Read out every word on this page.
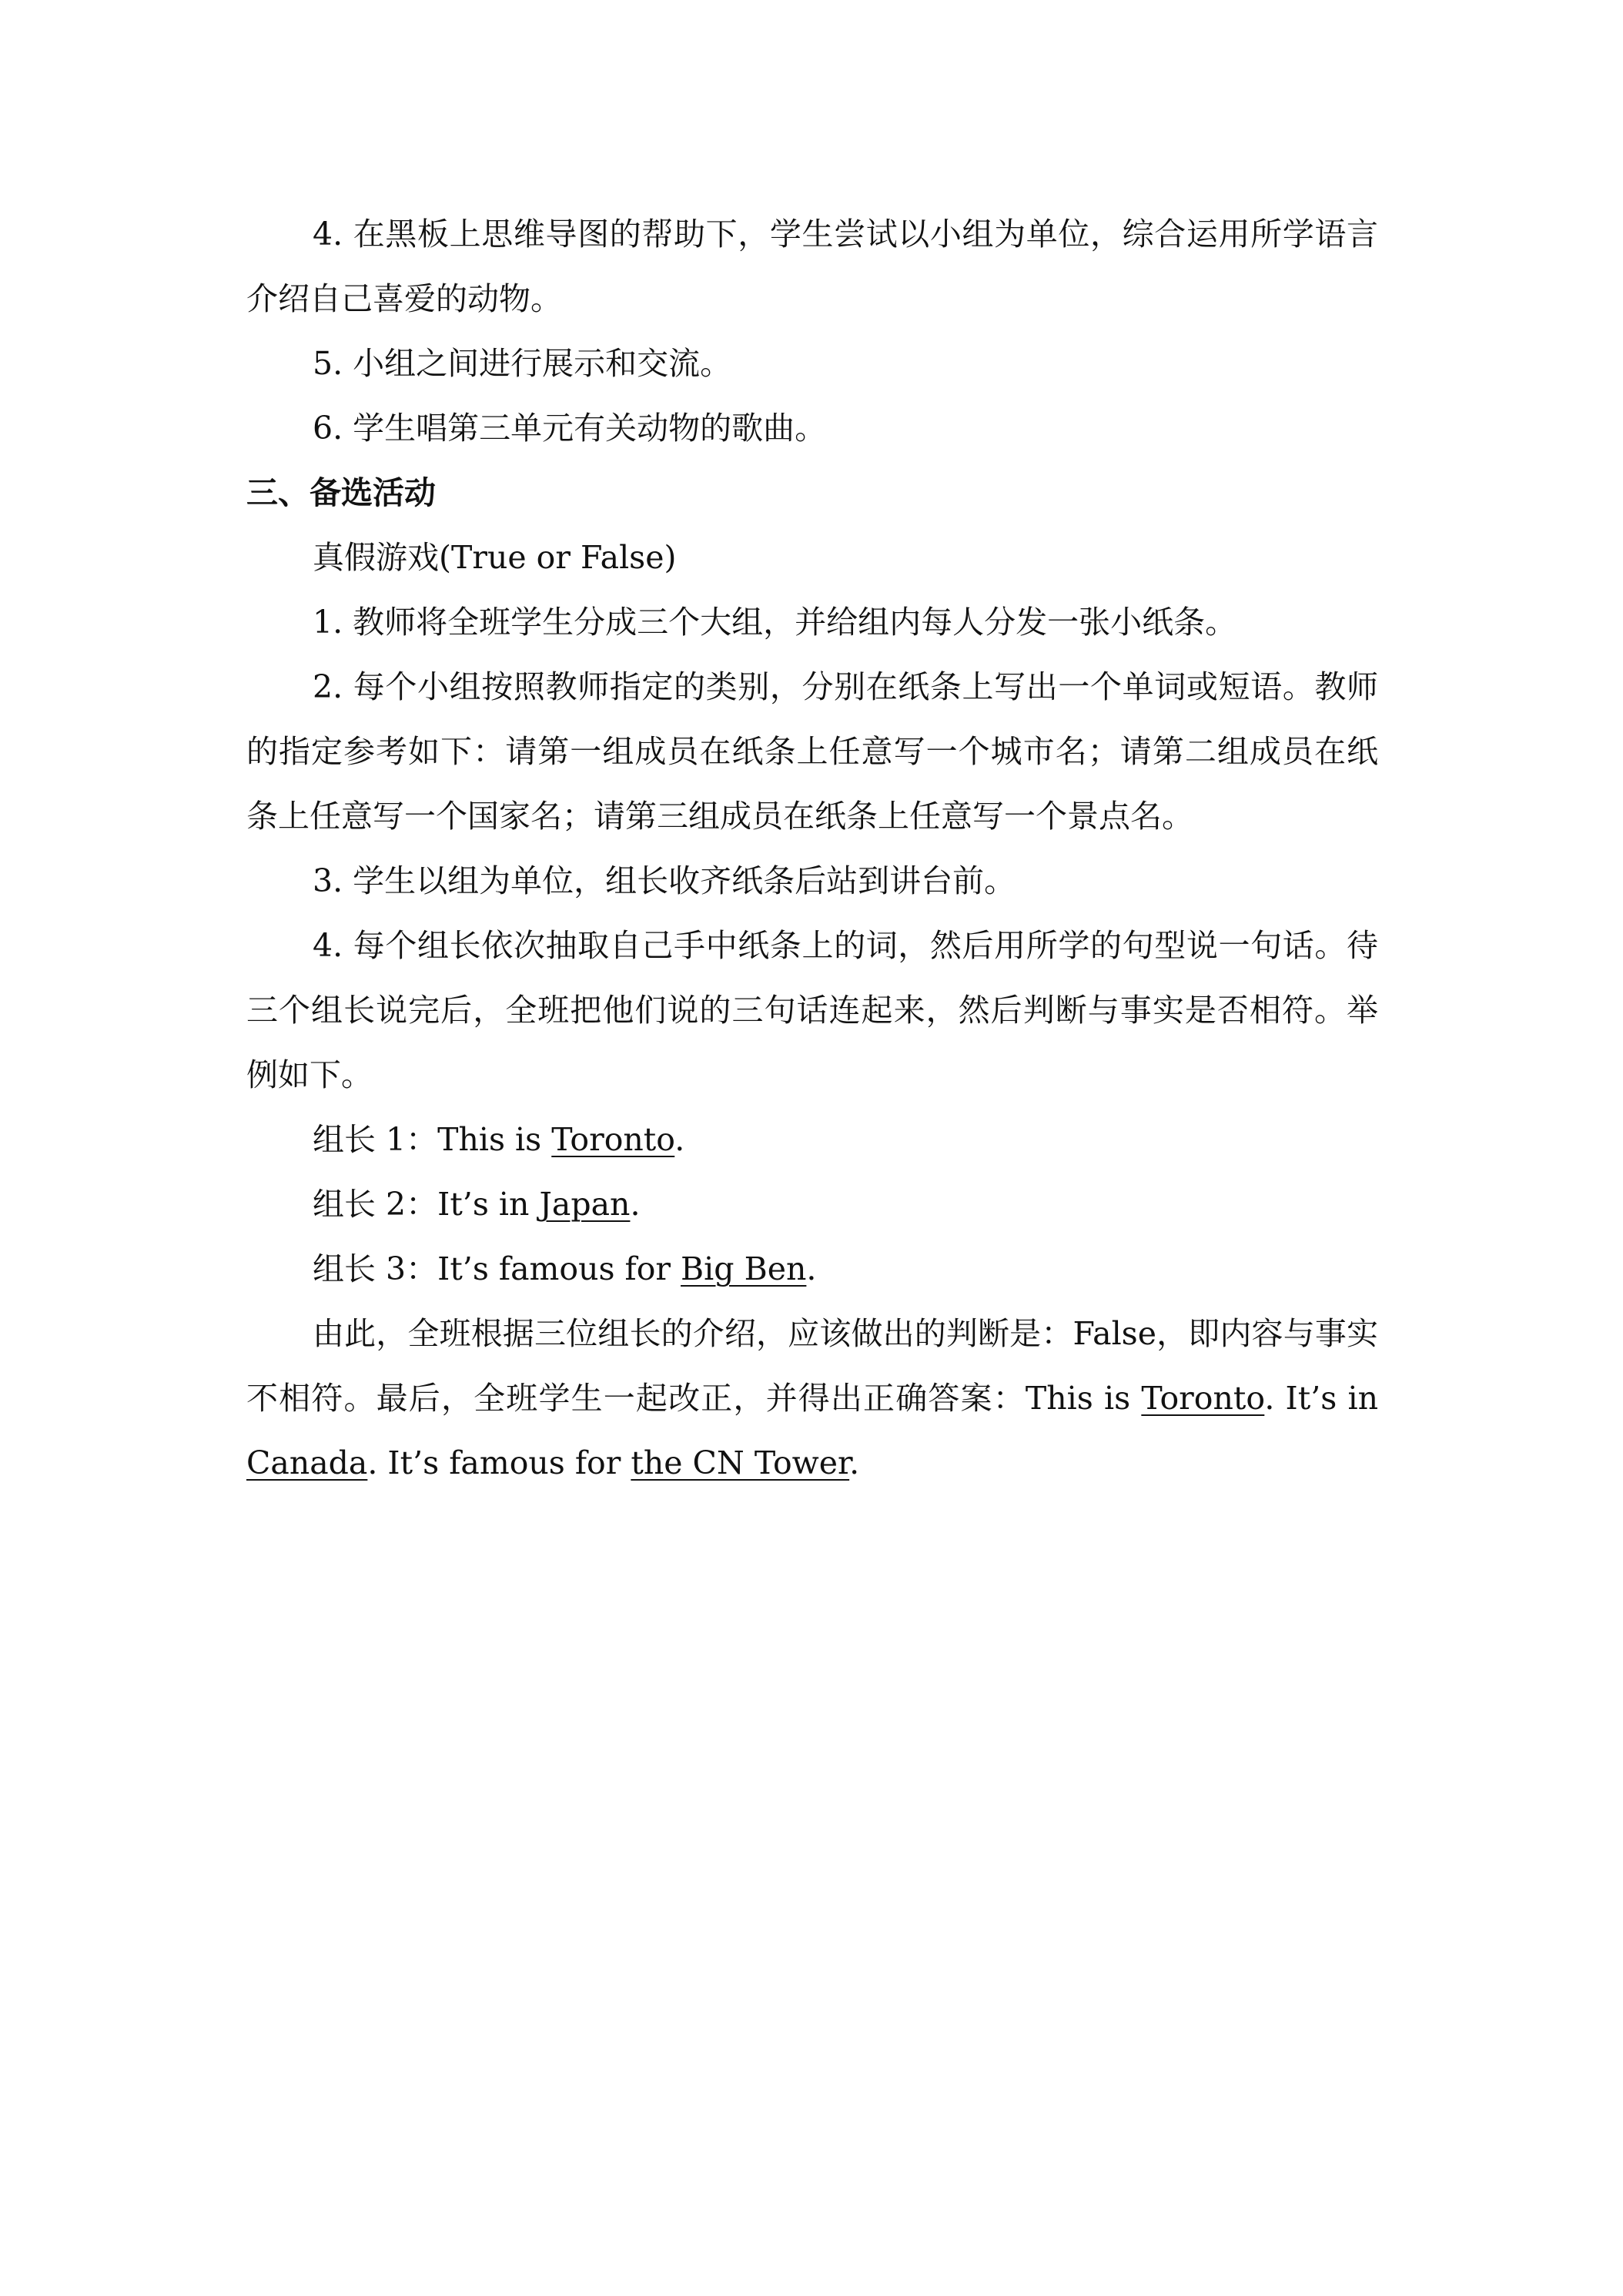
4. 在黑板上思维导图的帮助下，学生尝试以小组为单位，综合运用所学语言介绍自己喜爱的动物。

5. 小组之间进行展示和交流。

6. 学生唱第三单元有关动物的歌曲。

三、备选活动

真假游戏(True or False)

1. 教师将全班学生分成三个大组，并给组内每人分发一张小纸条。

2. 每个小组按照教师指定的类别，分别在纸条上写出一个单词或短语。教师的指定参考如下：请第一组成员在纸条上任意写一个城市名；请第二组成员在纸条上任意写一个国家名；请第三组成员在纸条上任意写一个景点名。

3. 学生以组为单位，组长收齐纸条后站到讲台前。

4. 每个组长依次抽取自己手中纸条上的词，然后用所学的句型说一句话。待三个组长说完后，全班把他们说的三句话连起来，然后判断与事实是否相符。举例如下。

组长 1：This is Toronto.

组长 2：It’s in Japan.

组长 3：It’s famous for Big Ben.

由此，全班根据三位组长的介绍，应该做出的判断是：False，即内容与事实不相符。最后，全班学生一起改正，并得出正确答案：This is Toronto. It’s in Canada. It’s famous for the CN Tower.
